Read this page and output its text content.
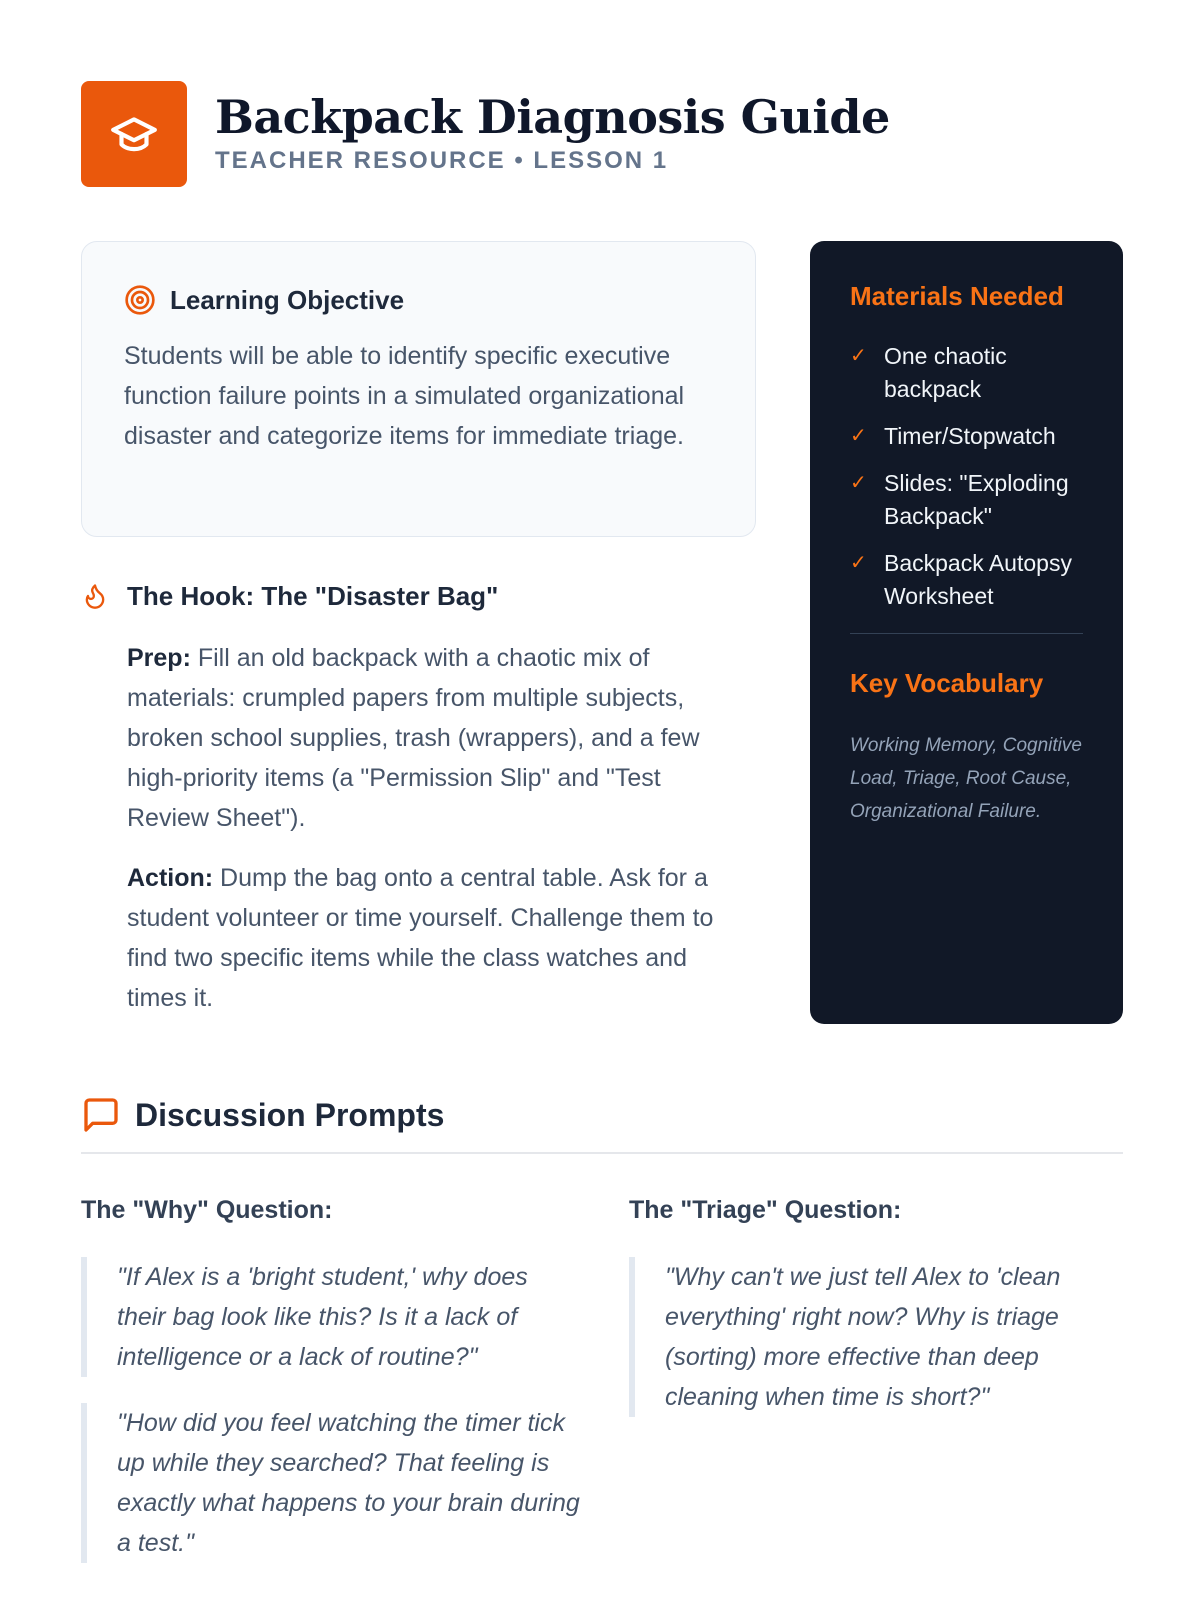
Backpack Diagnosis Guide
TEACHER RESOURCE • LESSON 1
Learning Objective

Students will be able to identify specific executive function failure points in a simulated organizational disaster and categorize items for immediate triage.

The Hook: The "Disaster Bag"

Prep: Fill an old backpack with a chaotic mix of materials: crumpled papers from multiple subjects, broken school supplies, trash (wrappers), and a few high-priority items (a "Permission Slip" and "Test Review Sheet").

Action: Dump the bag onto a central table. Ask for a student volunteer or time yourself. Challenge them to find two specific items while the class watches and times it.

Materials Needed
✓ One chaotic backpack
✓ Timer/Stopwatch
✓ Slides: "Exploding Backpack"
✓ Backpack Autopsy Worksheet
Key Vocabulary

Working Memory, Cognitive Load, Triage, Root Cause, Organizational Failure.

Discussion Prompts
The "Why" Question:
"If Alex is a 'bright student,' why does their bag look like this? Is it a lack of intelligence or a lack of routine?"
"How did you feel watching the timer tick up while they searched? That feeling is exactly what happens to your brain during a test."
The "Triage" Question:
"Why can't we just tell Alex to 'clean everything' right now? Why is triage (sorting) more effective than deep cleaning when time is short?"
